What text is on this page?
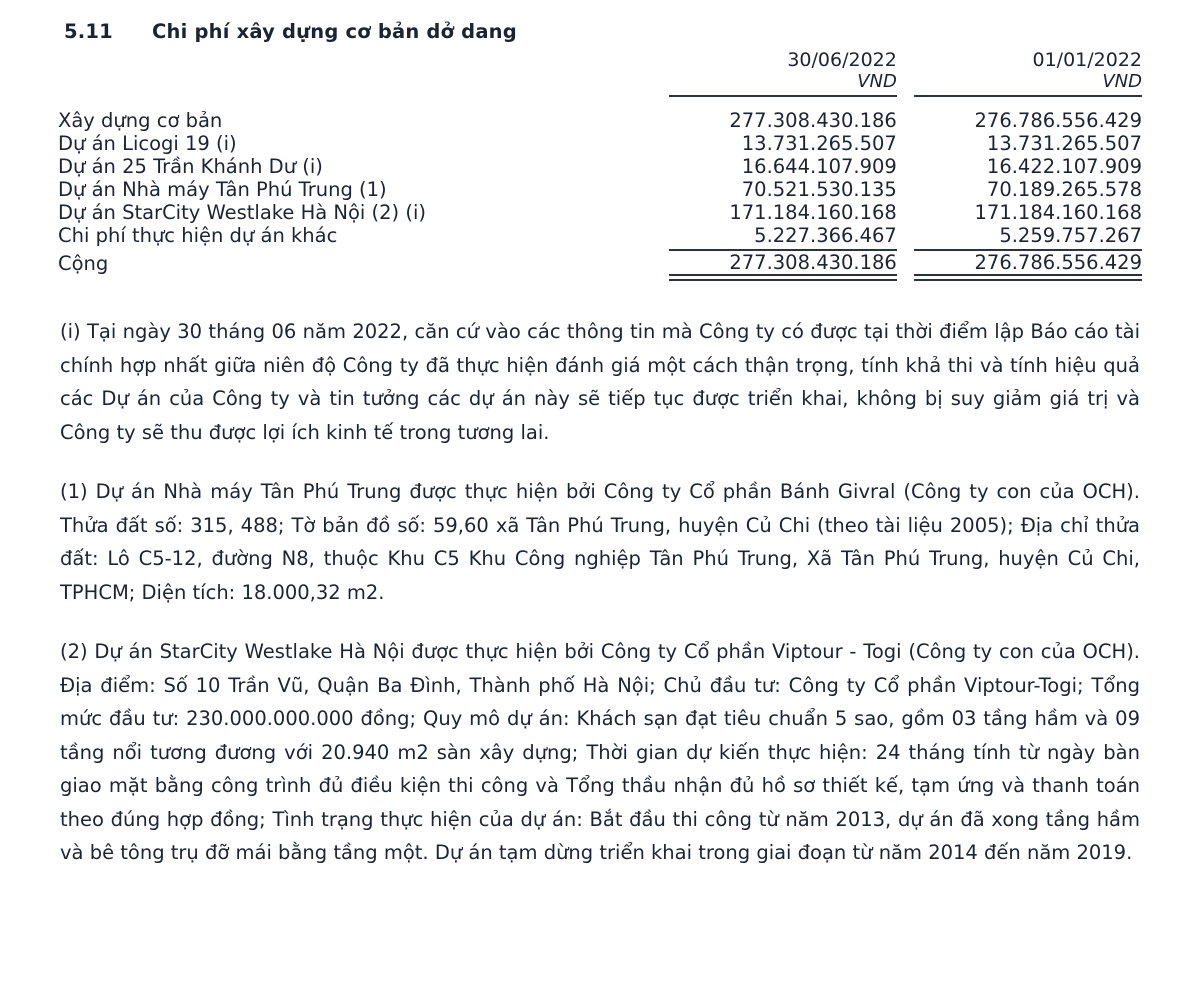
5.11	Chi phí xây dựng cơ bản dở dang
	30/06/2022		01/01/2022
	VND		VND

Xây dựng cơ bản	277.308.430.186		276.786.556.429
Dự án Licogi 19 (i)	13.731.265.507		13.731.265.507
Dự án 25 Trần Khánh Dư (i)	16.644.107.909		16.422.107.909
Dự án Nhà máy Tân Phú Trung (1)	70.521.530.135		70.189.265.578
Dự án StarCity Westlake Hà Nội (2) (i)	171.184.160.168		171.184.160.168
Chi phí thực hiện dự án khác	5.227.366.467		5.259.757.267

Cộng	277.308.430.186		276.786.556.429

(i) Tại ngày 30 tháng 06 năm 2022, căn cứ vào các thông tin mà Công ty có được tại thời điểm lập Báo cáo tài chính hợp nhất giữa niên độ Công ty đã thực hiện đánh giá một cách thận trọng, tính khả thi và tính hiệu quả các Dự án của Công ty và tin tưởng các dự án này sẽ tiếp tục được triển khai, không bị suy giảm giá trị và Công ty sẽ thu được lợi ích kinh tế trong tương lai.

(1) Dự án Nhà máy Tân Phú Trung được thực hiện bởi Công ty Cổ phần Bánh Givral (Công ty con của OCH). Thửa đất số: 315, 488; Tờ bản đồ số: 59,60 xã Tân Phú Trung, huyện Củ Chi (theo tài liệu 2005); Địa chỉ thửa đất: Lô C5-12, đường N8, thuộc Khu C5 Khu Công nghiệp Tân Phú Trung, Xã Tân Phú Trung, huyện Củ Chi, TPHCM; Diện tích: 18.000,32 m2.

(2) Dự án StarCity Westlake Hà Nội được thực hiện bởi Công ty Cổ phần Viptour - Togi (Công ty con của OCH). Địa điểm: Số 10 Trần Vũ, Quận Ba Đình, Thành phố Hà Nội; Chủ đầu tư: Công ty Cổ phần Viptour-Togi; Tổng mức đầu tư: 230.000.000.000 đồng; Quy mô dự án: Khách sạn đạt tiêu chuẩn 5 sao, gồm 03 tầng hầm và 09 tầng nổi tương đương với 20.940 m2 sàn xây dựng; Thời gian dự kiến thực hiện: 24 tháng tính từ ngày bàn giao mặt bằng công trình đủ điều kiện thi công và Tổng thầu nhận đủ hồ sơ thiết kế, tạm ứng và thanh toán theo đúng hợp đồng; Tình trạng thực hiện của dự án: Bắt đầu thi công từ năm 2013, dự án đã xong tầng hầm và bê tông trụ đỡ mái bằng tầng một. Dự án tạm dừng triển khai trong giai đoạn từ năm 2014 đến năm 2019.
